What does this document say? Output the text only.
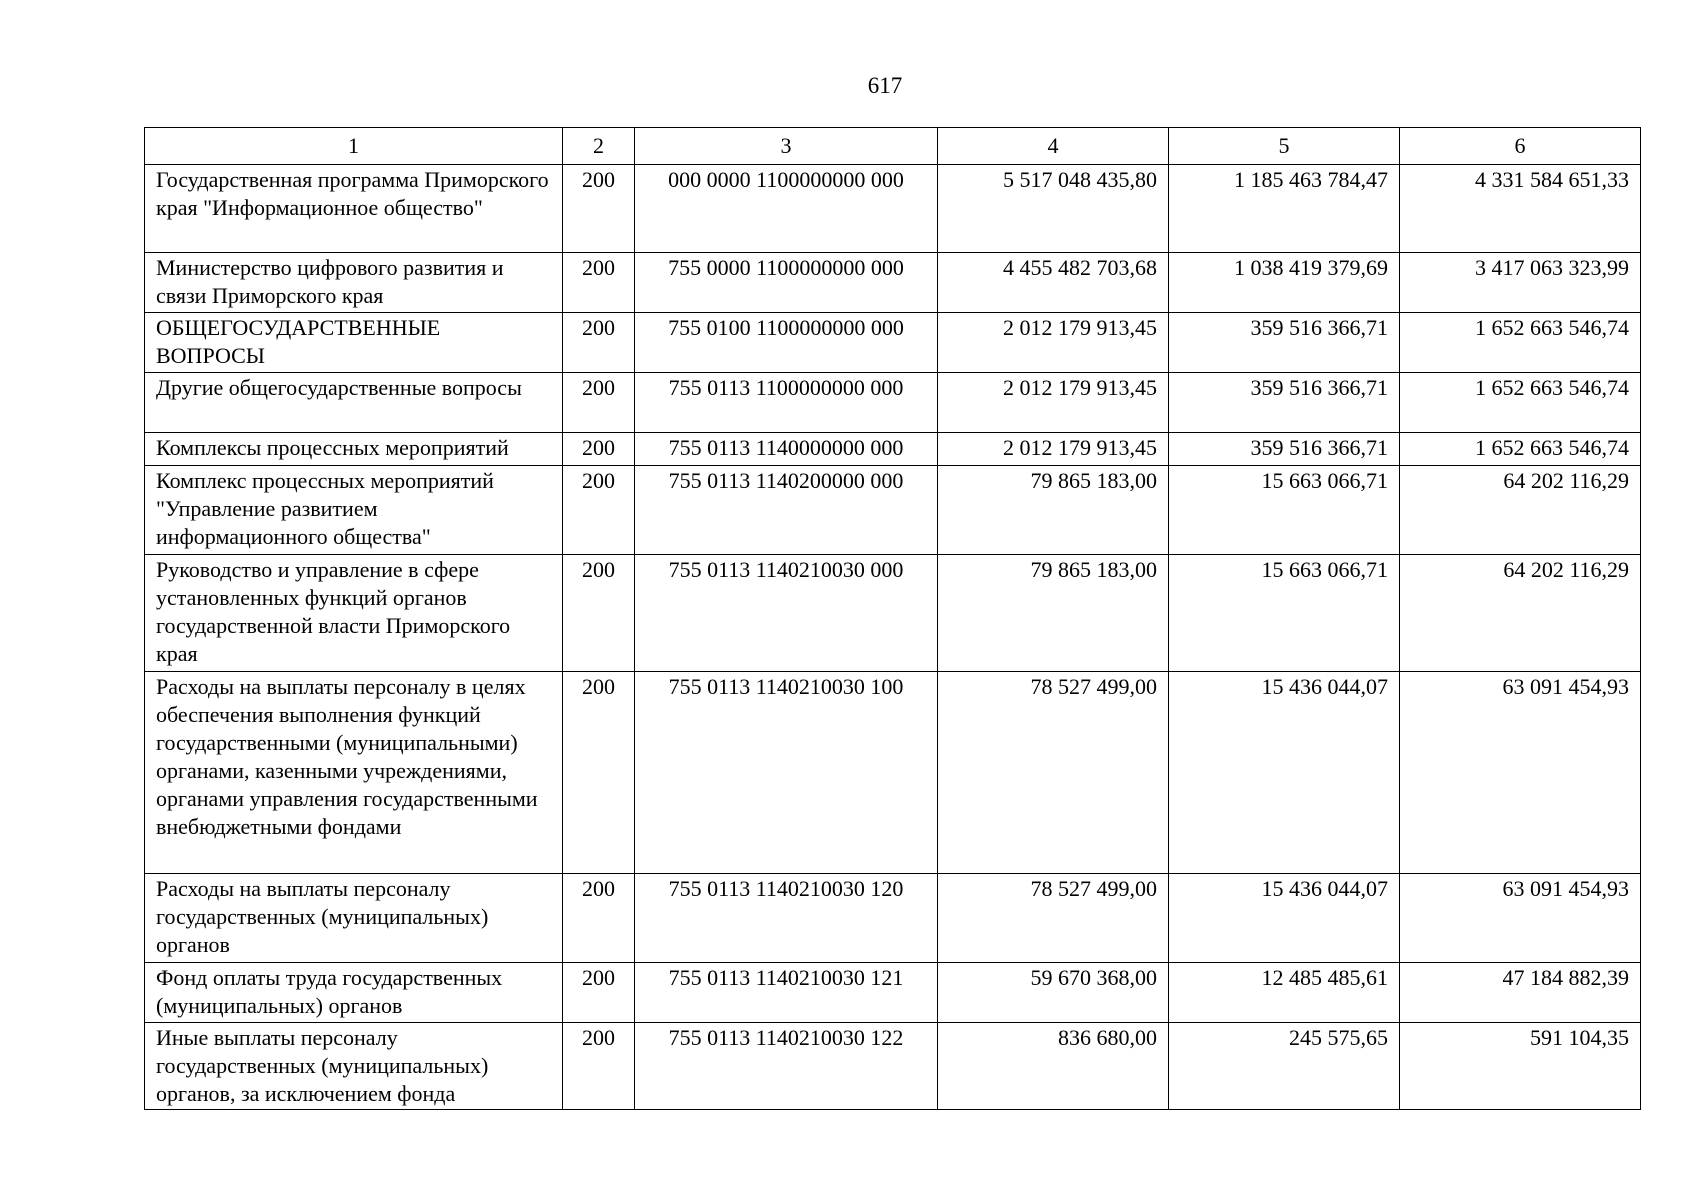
617
1	2	3	4	5	6
Государственная программа Приморского края "Информационное общество"	200	000 0000 1100000000 000	5 517 048 435,80	1 185 463 784,47	4 331 584 651,33
Министерство цифрового развития и связи Приморского края	200	755 0000 1100000000 000	4 455 482 703,68	1 038 419 379,69	3 417 063 323,99
ОБЩЕГОСУДАРСТВЕННЫЕ ВОПРОСЫ	200	755 0100 1100000000 000	2 012 179 913,45	359 516 366,71	1 652 663 546,74
Другие общегосударственные вопросы	200	755 0113 1100000000 000	2 012 179 913,45	359 516 366,71	1 652 663 546,74
Комплексы процессных мероприятий	200	755 0113 1140000000 000	2 012 179 913,45	359 516 366,71	1 652 663 546,74
Комплекс процессных мероприятий "Управление развитием информационного общества"	200	755 0113 1140200000 000	79 865 183,00	15 663 066,71	64 202 116,29
Руководство и управление в сфере установленных функций органов государственной власти Приморского края	200	755 0113 1140210030 000	79 865 183,00	15 663 066,71	64 202 116,29
Расходы на выплаты персоналу в целях обеспечения выполнения функций государственными (муниципальными) органами, казенными учреждениями, органами управления государственными внебюджетными фондами	200	755 0113 1140210030 100	78 527 499,00	15 436 044,07	63 091 454,93
Расходы на выплаты персоналу государственных (муниципальных) органов	200	755 0113 1140210030 120	78 527 499,00	15 436 044,07	63 091 454,93
Фонд оплаты труда государственных (муниципальных) органов	200	755 0113 1140210030 121	59 670 368,00	12 485 485,61	47 184 882,39
Иные выплаты персоналу государственных (муниципальных) органов, за исключением фонда	200	755 0113 1140210030 122	836 680,00	245 575,65	591 104,35
